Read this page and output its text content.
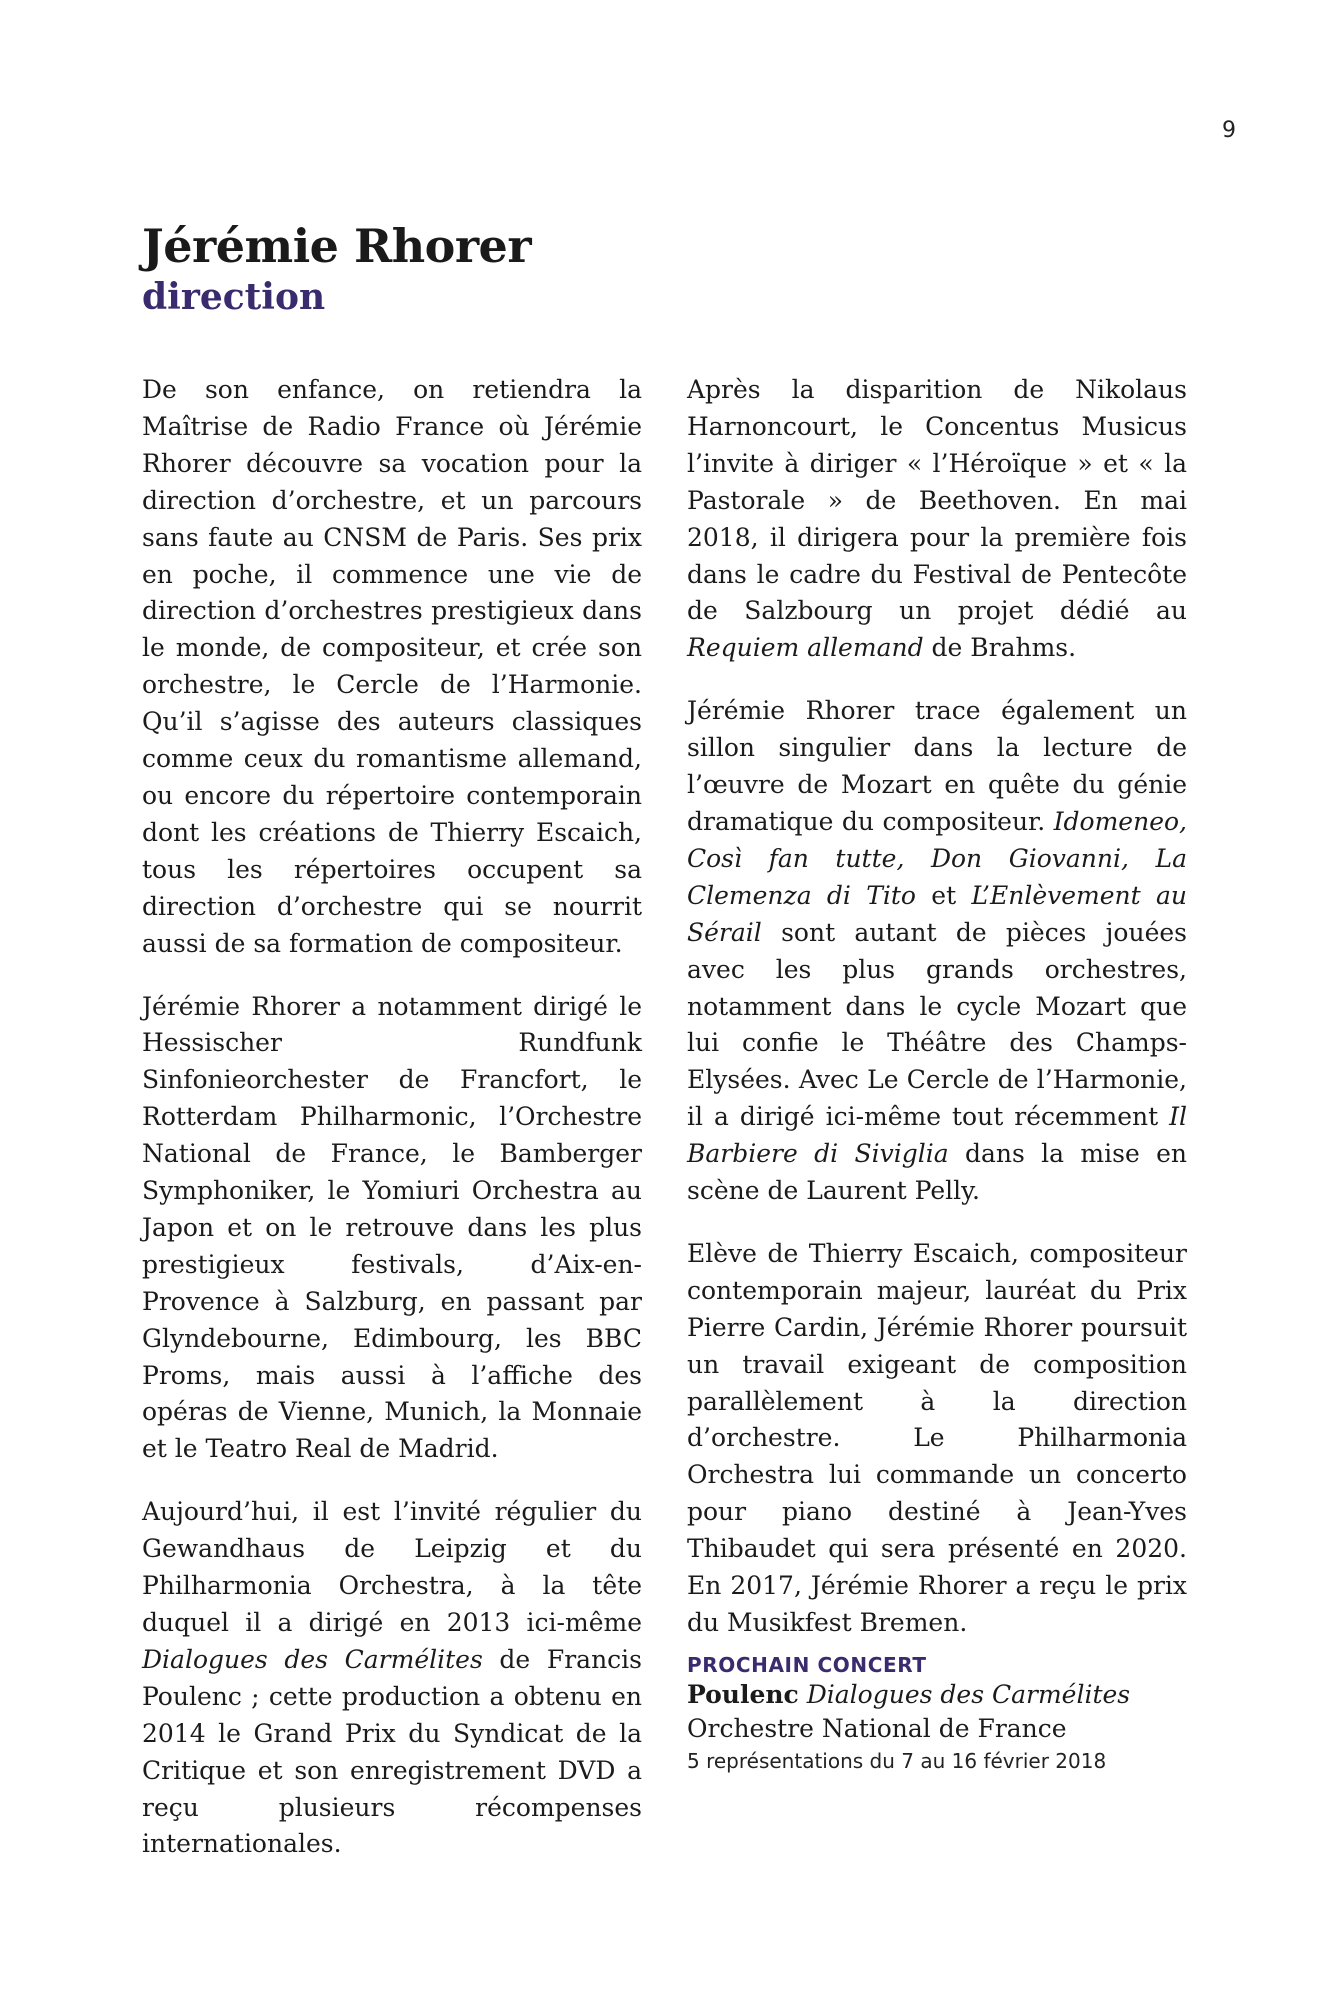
9
Jérémie Rhorer
direction

De son enfance, on retiendra la Maîtrise de Radio France où Jérémie Rhorer découvre sa vocation pour la direction d’orchestre, et un parcours sans faute au CNSM de Paris. Ses prix en poche, il commence une vie de direction d’orchestres prestigieux dans le monde, de compositeur, et crée son orchestre, le Cercle de l’Harmonie. Qu’il s’agisse des auteurs classiques comme ceux du romantisme allemand, ou encore du répertoire contemporain dont les créations de Thierry Escaich, tous les répertoires occupent sa direction d’orchestre qui se nourrit aussi de sa formation de compositeur.

Jérémie Rhorer a notamment dirigé le Hessischer Rundfunk Sinfonieorchester de Francfort, le Rotterdam Philharmonic, l’Orchestre National de France, le Bamberger Symphoniker, le Yomiuri Orchestra au Japon et on le retrouve dans les plus prestigieux festivals, d’Aix-en-Provence à Salzburg, en passant par Glyndebourne, Edimbourg, les BBC Proms, mais aussi à l’affiche des opéras de Vienne, Munich, la Monnaie et le Teatro Real de Madrid.

Aujourd’hui, il est l’invité régulier du Gewandhaus de Leipzig et du Philharmonia Orchestra, à la tête duquel il a dirigé en 2013 ici-même Dialogues des Carmélites de Francis Poulenc ; cette production a obtenu en 2014 le Grand Prix du Syndicat de la Critique et son enregistrement DVD a reçu plusieurs récompenses internationales.

Après la disparition de Nikolaus Harnoncourt, le Concentus Musicus l’invite à diriger « l’Héroïque » et « la Pastorale » de Beethoven. En mai 2018, il dirigera pour la première fois dans le cadre du Festival de Pentecôte de Salzbourg un projet dédié au Requiem allemand de Brahms.

Jérémie Rhorer trace également un sillon singulier dans la lecture de l’œuvre de Mozart en quête du génie dramatique du compositeur. Idomeneo, Così fan tutte, Don Giovanni, La Clemenza di Tito et L’Enlèvement au Sérail sont autant de pièces jouées avec les plus grands orchestres, notamment dans le cycle Mozart que lui confie le Théâtre des Champs-Elysées. Avec Le Cercle de l’Harmonie, il a dirigé ici-même tout récemment Il Barbiere di Siviglia dans la mise en scène de Laurent Pelly.

Elève de Thierry Escaich, compositeur contemporain majeur, lauréat du Prix Pierre Cardin, Jérémie Rhorer poursuit un travail exigeant de composition parallèlement à la direction d’orchestre. Le Philharmonia Orchestra lui commande un concerto pour piano destiné à Jean-Yves Thibaudet qui sera présenté en 2020. En 2017, Jérémie Rhorer a reçu le prix du Musikfest Bremen.

PROCHAIN CONCERT
Poulenc Dialogues des Carmélites
Orchestre National de France
5 représentations du 7 au 16 février 2018
